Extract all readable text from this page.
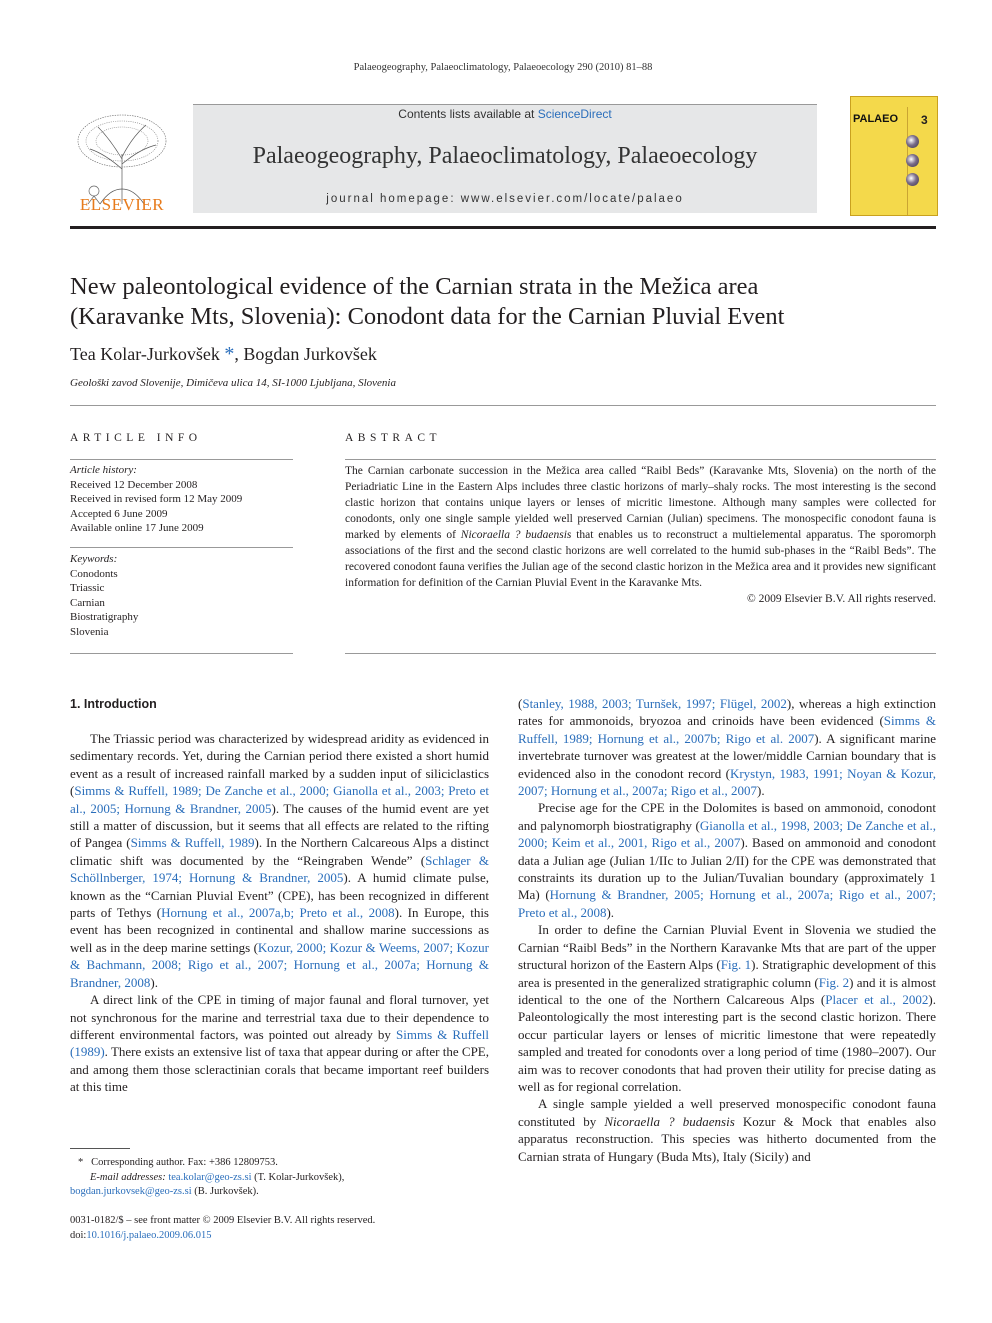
Palaeogeography, Palaeoclimatology, Palaeoecology 290 (2010) 81–88
ELSEVIER
Contents lists available at ScienceDirect
Palaeogeography, Palaeoclimatology, Palaeoecology
journal homepage: www.elsevier.com/locate/palaeo
PALAEO 3
New paleontological evidence of the Carnian strata in the Mežica area
(Karavanke Mts, Slovenia): Conodont data for the Carnian Pluvial Event
Tea Kolar-Jurkovšek *, Bogdan Jurkovšek
Geološki zavod Slovenije, Dimičeva ulica 14, SI-1000 Ljubljana, Slovenia
ARTICLE INFO
Article history:
Received 12 December 2008
Received in revised form 12 May 2009
Accepted 6 June 2009
Available online 17 June 2009
Keywords:
Conodonts
Triassic
Carnian
Biostratigraphy
Slovenia
ABSTRACT
The Carnian carbonate succession in the Mežica area called “Raibl Beds” (Karavanke Mts, Slovenia) on the north of the Periadriatic Line in the Eastern Alps includes three clastic horizons of marly–shaly rocks. The most interesting is the second clastic horizon that contains unique layers or lenses of micritic limestone. Although many samples were collected for conodonts, only one single sample yielded well preserved Carnian (Julian) specimens. The monospecific conodont fauna is marked by elements of Nicoraella ? budaensis that enables us to reconstruct a multielemental apparatus. The sporomorph associations of the first and the second clastic horizons are well correlated to the humid sub-phases in the “Raibl Beds”. The recovered conodont fauna verifies the Julian age of the second clastic horizon in the Mežica area and it provides new significant information for definition of the Carnian Pluvial Event in the Karavanke Mts.
© 2009 Elsevier B.V. All rights reserved.
1. Introduction

The Triassic period was characterized by widespread aridity as evidenced in sedimentary records. Yet, during the Carnian period there existed a short humid event as a result of increased rainfall marked by a sudden input of siliciclastics (Simms & Ruffell, 1989; De Zanche et al., 2000; Gianolla et al., 2003; Preto et al., 2005; Hornung & Brandner, 2005). The causes of the humid event are yet still a matter of discussion, but it seems that all effects are related to the rifting of Pangea (Simms & Ruffell, 1989). In the Northern Calcareous Alps a distinct climatic shift was documented by the “Reingraben Wende” (Schlager & Schöllnberger, 1974; Hornung & Brandner, 2005). A humid climate pulse, known as the “Carnian Pluvial Event” (CPE), has been recognized in different parts of Tethys (Hornung et al., 2007a,b; Preto et al., 2008). In Europe, this event has been recognized in continental and shallow marine successions as well as in the deep marine settings (Kozur, 2000; Kozur & Weems, 2007; Kozur & Bachmann, 2008; Rigo et al., 2007; Hornung et al., 2007a; Hornung & Brandner, 2008).

A direct link of the CPE in timing of major faunal and floral turnover, yet not synchronous for the marine and terrestrial taxa due to their dependence to different environmental factors, was pointed out already by Simms & Ruffell (1989). There exists an extensive list of taxa that appear during or after the CPE, and among them those scleractinian corals that became important reef builders at this time

* Corresponding author. Fax: +386 12809753.
E-mail addresses: tea.kolar@geo-zs.si (T. Kolar-Jurkovšek),
bogdan.jurkovsek@geo-zs.si (B. Jurkovšek).
0031-0182/$ – see front matter © 2009 Elsevier B.V. All rights reserved.
doi:10.1016/j.palaeo.2009.06.015

(Stanley, 1988, 2003; Turnšek, 1997; Flügel, 2002), whereas a high extinction rates for ammonoids, bryozoa and crinoids have been evidenced (Simms & Ruffell, 1989; Hornung et al., 2007b; Rigo et al. 2007). A significant marine invertebrate turnover was greatest at the lower/middle Carnian boundary that is evidenced also in the conodont record (Krystyn, 1983, 1991; Noyan & Kozur, 2007; Hornung et al., 2007a; Rigo et al., 2007).

Precise age for the CPE in the Dolomites is based on ammonoid, conodont and palynomorph biostratigraphy (Gianolla et al., 1998, 2003; De Zanche et al., 2000; Keim et al., 2001, Rigo et al., 2007). Based on ammonoid and conodont data a Julian age (Julian 1/IIc to Julian 2/II) for the CPE was demonstrated that constraints its duration up to the Julian/Tuvalian boundary (approximately 1 Ma) (Hornung & Brandner, 2005; Hornung et al., 2007a; Rigo et al., 2007; Preto et al., 2008).

In order to define the Carnian Pluvial Event in Slovenia we studied the Carnian “Raibl Beds” in the Northern Karavanke Mts that are part of the upper structural horizon of the Eastern Alps (Fig. 1). Stratigraphic development of this area is presented in the generalized stratigraphic column (Fig. 2) and it is almost identical to the one of the Northern Calcareous Alps (Placer et al., 2002). Paleontologically the most interesting part is the second clastic horizon. There occur particular layers or lenses of micritic limestone that were repeatedly sampled and treated for conodonts over a long period of time (1980–2007). Our aim was to recover conodonts that had proven their utility for precise dating as well as for regional correlation.

A single sample yielded a well preserved monospecific conodont fauna constituted by Nicoraella ? budaensis Kozur & Mock that enables also apparatus reconstruction. This species was hitherto documented from the Carnian strata of Hungary (Buda Mts), Italy (Sicily) and
